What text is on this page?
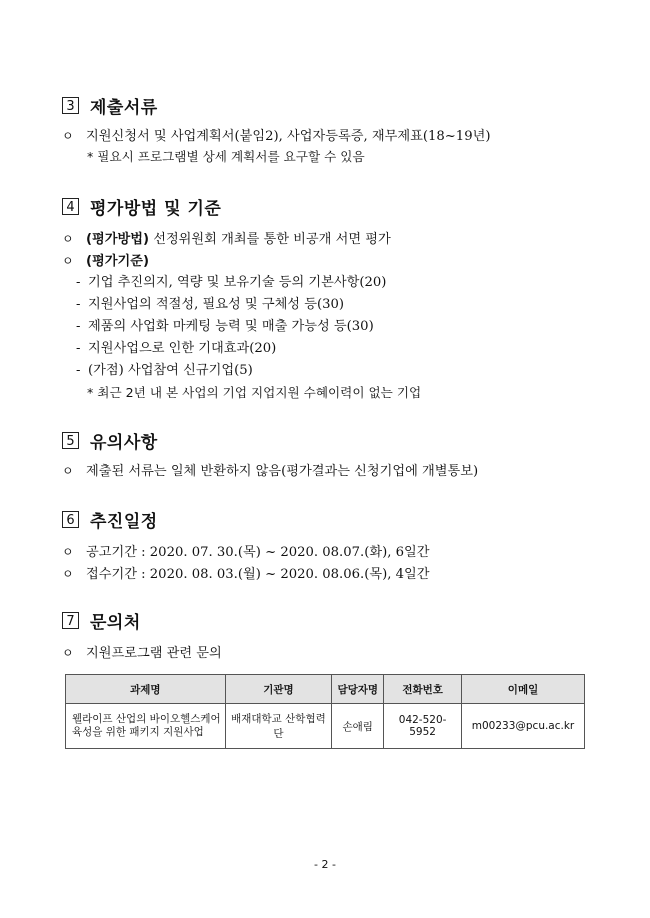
3 제출서류
ㅇ 지원신청서 및 사업계획서(붙임2), 사업자등록증, 재무제표(18~19년)
* 필요시 프로그램별 상세 계획서를 요구할 수 있음
4 평가방법 및 기준
ㅇ (평가방법) 선정위원회 개최를 통한 비공개 서면 평가
ㅇ (평가기준)
- 기업 추진의지, 역량 및 보유기술 등의 기본사항(20)
- 지원사업의 적절성, 필요성 및 구체성 등(30)
- 제품의 사업화 마케팅 능력 및 매출 가능성 등(30)
- 지원사업으로 인한 기대효과(20)
- (가점) 사업참여 신규기업(5)
* 최근 2년 내 본 사업의 기업 지업지원 수혜이력이 없는 기업
5 유의사항
ㅇ 제출된 서류는 일체 반환하지 않음(평가결과는 신청기업에 개별통보)
6 추진일정
ㅇ 공고기간 : 2020. 07. 30.(목) ~ 2020. 08.07.(화), 6일간
ㅇ 접수기간 : 2020. 08. 03.(월) ~ 2020. 08.06.(목), 4일간
7 문의처
ㅇ 지원프로그램 관련 문의
과제명	기관명	담당자명	전화번호	이메일
웰라이프 산업의 바이오헬스케어
육성을 위한 패키지 지원사업	배재대학교 산학협력단	손애림	042-520-5952	m00233@pcu.ac.kr
- 2 -
